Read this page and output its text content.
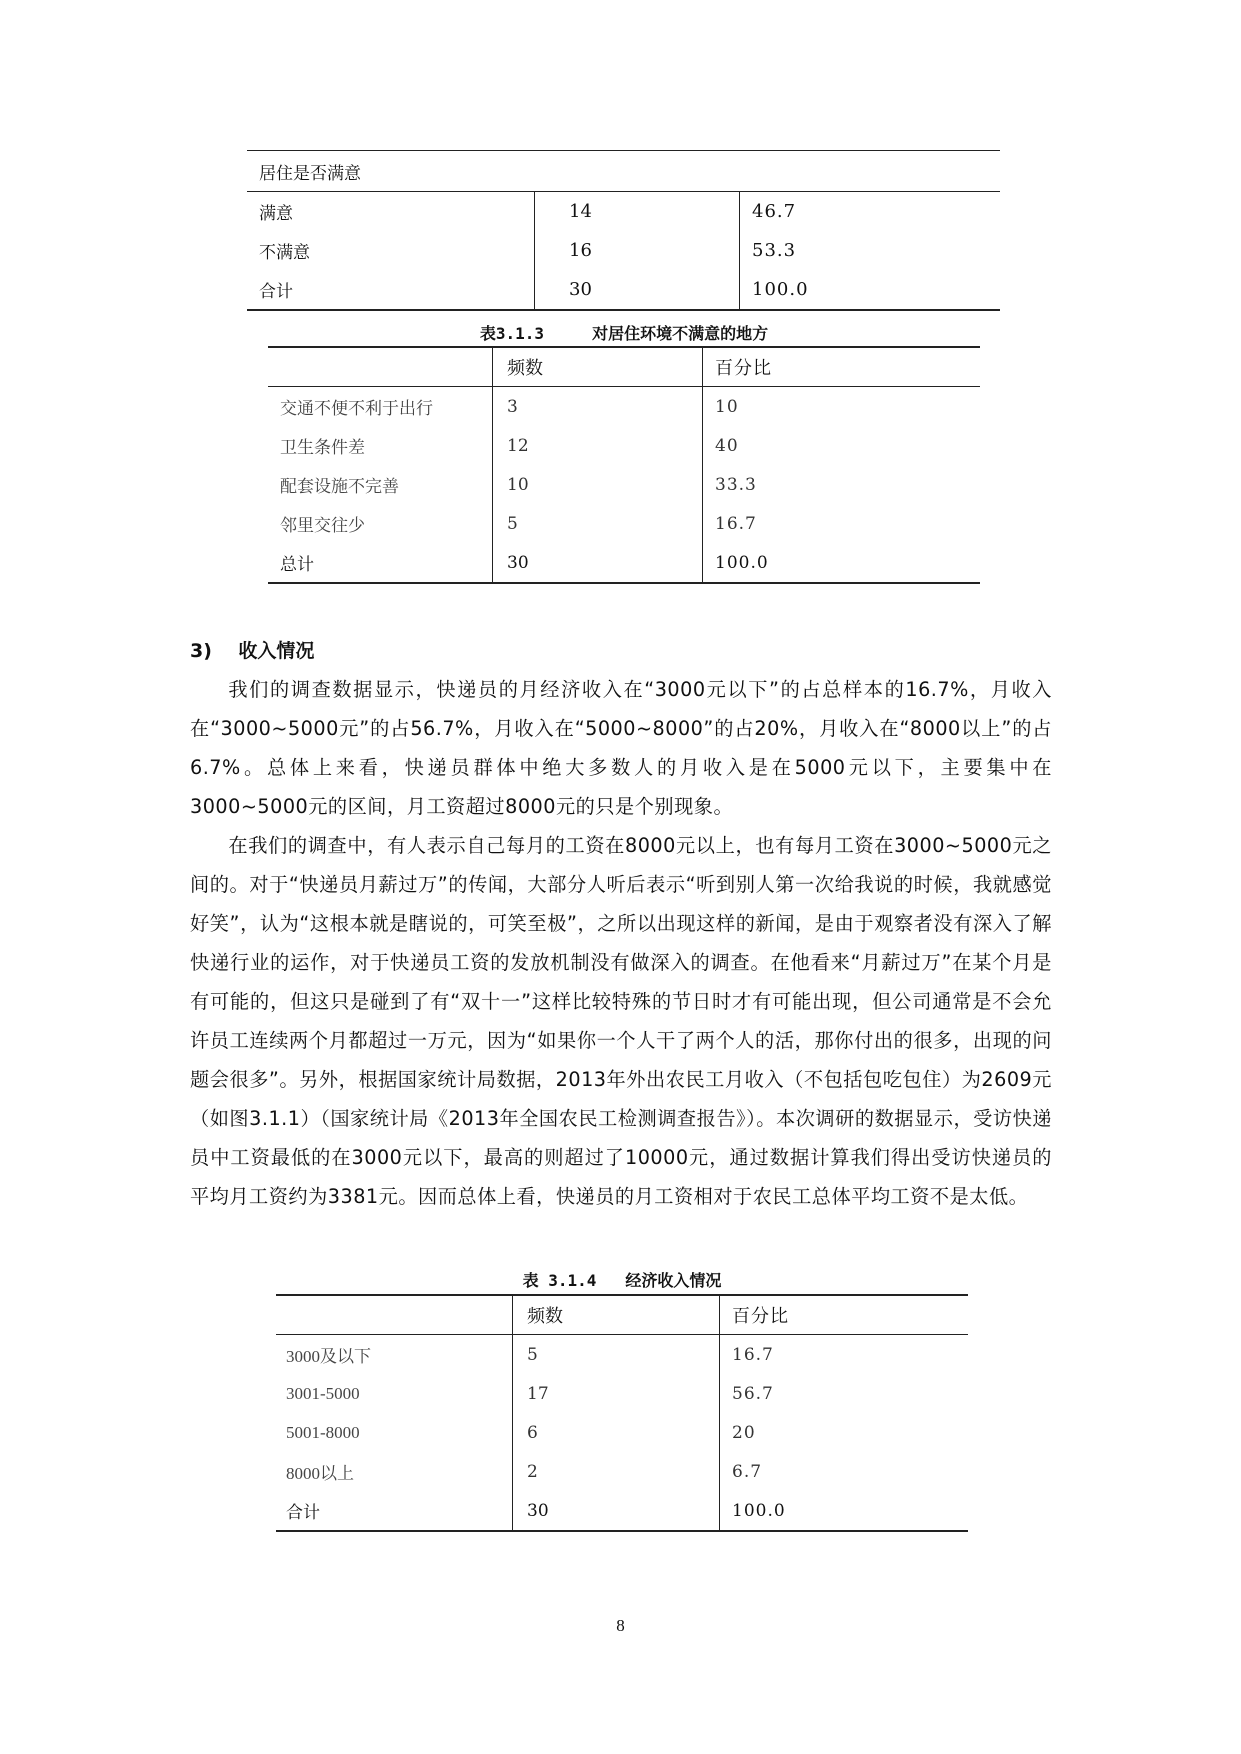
居住是否满意		
满意	14	46.7
不满意	16	53.3
合计	30	100.0
表3.1.3     对居住环境不满意的地方
	频数	百分比
交通不便不利于出行	3	10
卫生条件差	12	40
配套设施不完善	10	33.3
邻里交往少	5	16.7
总计	30	100.0
3)    收入情况

我们的调查数据显示，快递员的月经济收入在“3000元以下”的占总样本的16.7%，月收入在“3000~5000元”的占56.7%，月收入在“5000~8000”的占20%，月收入在“8000以上”的占6.7%。总体上来看，快递员群体中绝大多数人的月收入是在5000元以下，主要集中在3000~5000元的区间，月工资超过8000元的只是个别现象。

在我们的调查中，有人表示自己每月的工资在8000元以上，也有每月工资在3000~5000元之间的。对于“快递员月薪过万”的传闻，大部分人听后表示“听到别人第一次给我说的时候，我就感觉好笑”，认为“这根本就是瞎说的，可笑至极”，之所以出现这样的新闻，是由于观察者没有深入了解快递行业的运作，对于快递员工资的发放机制没有做深入的调查。在他看来“月薪过万”在某个月是有可能的，但这只是碰到了有“双十一”这样比较特殊的节日时才有可能出现，但公司通常是不会允许员工连续两个月都超过一万元，因为“如果你一个人干了两个人的活，那你付出的很多，出现的问题会很多”。另外，根据国家统计局数据，2013年外出农民工月收入（不包括包吃包住）为2609元（如图3.1.1）（国家统计局《2013年全国农民工检测调查报告》）。本次调研的数据显示，受访快递员中工资最低的在3000元以下，最高的则超过了10000元，通过数据计算我们得出受访快递员的平均月工资约为3381元。因而总体上看，快递员的月工资相对于农民工总体平均工资不是太低。

表 3.1.4   经济收入情况
	频数	百分比
3000及以下	5	16.7
3001-5000	17	56.7
5001-8000	6	20
8000以上	2	6.7
合计	30	100.0
8
